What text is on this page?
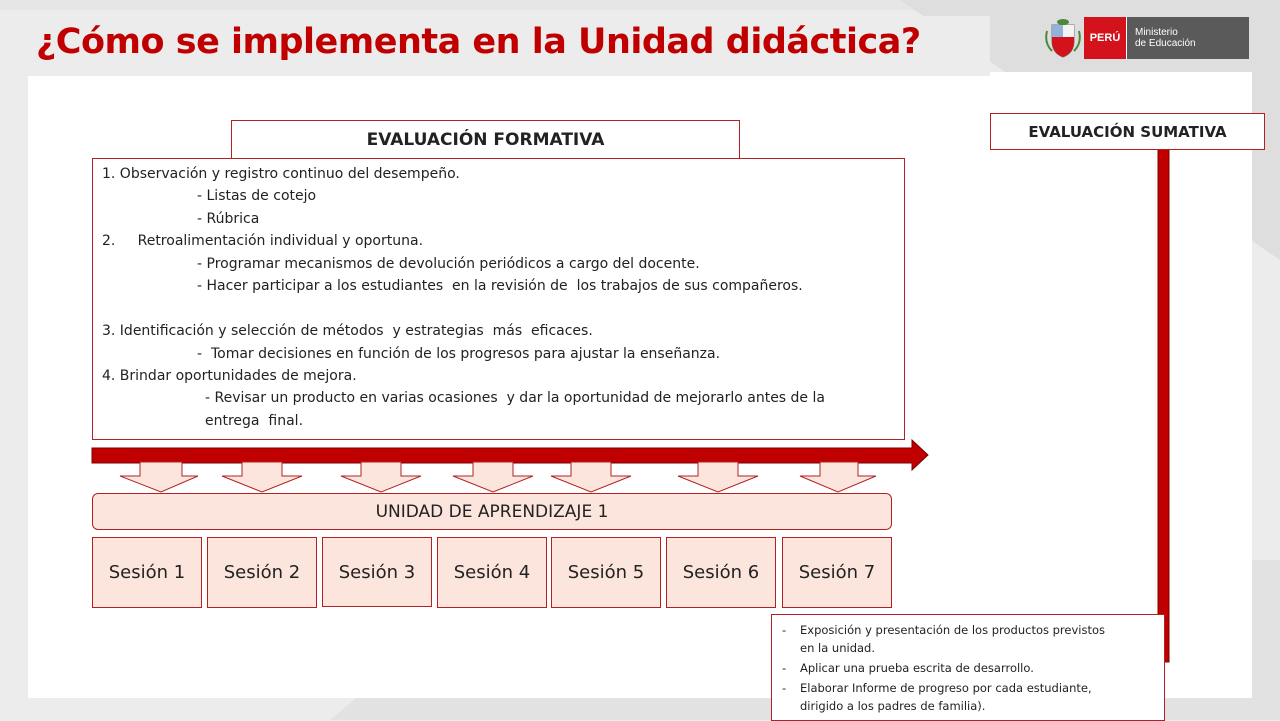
¿Cómo se implementa en la Unidad didáctica?	PERÚ	Ministerio
de Educación
EVALUACIÓN FORMATIVA
1. Observación y registro continuo del desempeño.
- Listas de cotejo
- Rúbrica
2.     Retroalimentación individual y oportuna.
- Programar mecanismos de devolución periódicos a cargo del docente.
- Hacer participar a los estudiantes  en la revisión de  los trabajos de sus compañeros.
3. Identificación y selección de métodos  y estrategias  más  eficaces.
-  Tomar decisiones en función de los progresos para ajustar la enseñanza.
4. Brindar oportunidades de mejora.
- Revisar un producto en varias ocasiones  y dar la oportunidad de mejorarlo antes de la
entrega  final.
EVALUACIÓN SUMATIVA
UNIDAD DE APRENDIZAJE 1
Sesión 1	Sesión 2	Sesión 3	Sesión 4	Sesión 5	Sesión 6	Sesión 7
- Exposición y presentación de los productos previstos
en la unidad.
- Aplicar una prueba escrita de desarrollo.
- Elaborar Informe de progreso por cada estudiante,
dirigido a los padres de familia).
